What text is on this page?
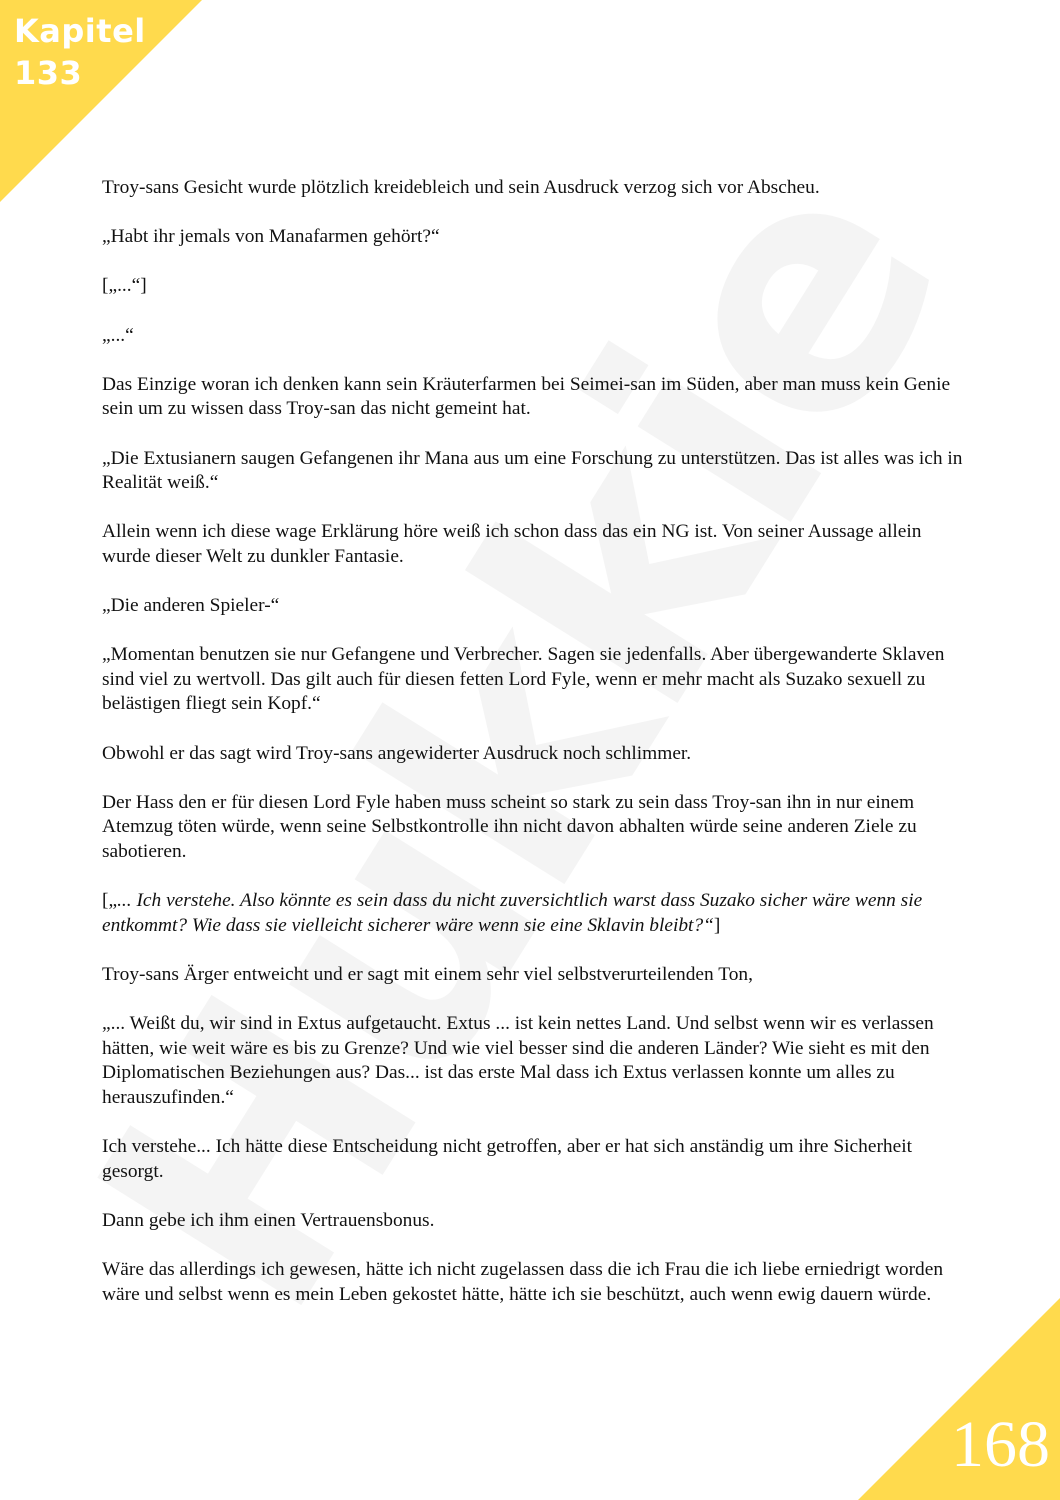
Kapitel
133

Troy-sans Gesicht wurde plötzlich kreidebleich und sein Ausdruck verzog sich vor Abscheu.

„Habt ihr jemals von Manafarmen gehört?“

[„...“]

„...“

Das Einzige woran ich denken kann sein Kräuterfarmen bei Seimei-san im Süden, aber man muss kein Genie sein um zu wissen dass Troy-san das nicht gemeint hat.

„Die Extusianern saugen Gefangenen ihr Mana aus um eine Forschung zu unterstützen. Das ist alles was ich in Realität weiß.“

Allein wenn ich diese wage Erklärung höre weiß ich schon dass das ein NG ist. Von seiner Aussage allein wurde dieser Welt zu dunkler Fantasie.

„Die anderen Spieler-“

„Momentan benutzen sie nur Gefangene und Verbrecher. Sagen sie jedenfalls. Aber übergewanderte Sklaven sind viel zu wertvoll. Das gilt auch für diesen fetten Lord Fyle, wenn er mehr macht als Suzako sexuell zu belästigen fliegt sein Kopf.“

Obwohl er das sagt wird Troy-sans angewiderter Ausdruck noch schlimmer.

Der Hass den er für diesen Lord Fyle haben muss scheint so stark zu sein dass Troy-san ihn in nur einem Atemzug töten würde, wenn seine Selbstkontrolle ihn nicht davon abhalten würde seine anderen Ziele zu sabotieren.

[„... Ich verstehe. Also könnte es sein dass du nicht zuversichtlich warst dass Suzako sicher wäre wenn sie entkommt? Wie dass sie vielleicht sicherer wäre wenn sie eine Sklavin bleibt?“]

Troy-sans Ärger entweicht und er sagt mit einem sehr viel selbstverurteilenden Ton,

„... Weißt du, wir sind in Extus aufgetaucht. Extus ... ist kein nettes Land. Und selbst wenn wir es verlassen hätten, wie weit wäre es bis zu Grenze? Und wie viel besser sind die anderen Länder? Wie sieht es mit den Diplomatischen Beziehungen aus? Das... ist das erste Mal dass ich Extus verlassen konnte um alles zu herauszufinden.“

Ich verstehe... Ich hätte diese Entscheidung nicht getroffen, aber er hat sich anständig um ihre Sicherheit gesorgt.

Dann gebe ich ihm einen Vertrauensbonus.

Wäre das allerdings ich gewesen, hätte ich nicht zugelassen dass die ich Frau die ich liebe erniedrigt worden wäre und selbst wenn es mein Leben gekostet hätte, hätte ich sie beschützt, auch wenn ewig dauern würde.

168
